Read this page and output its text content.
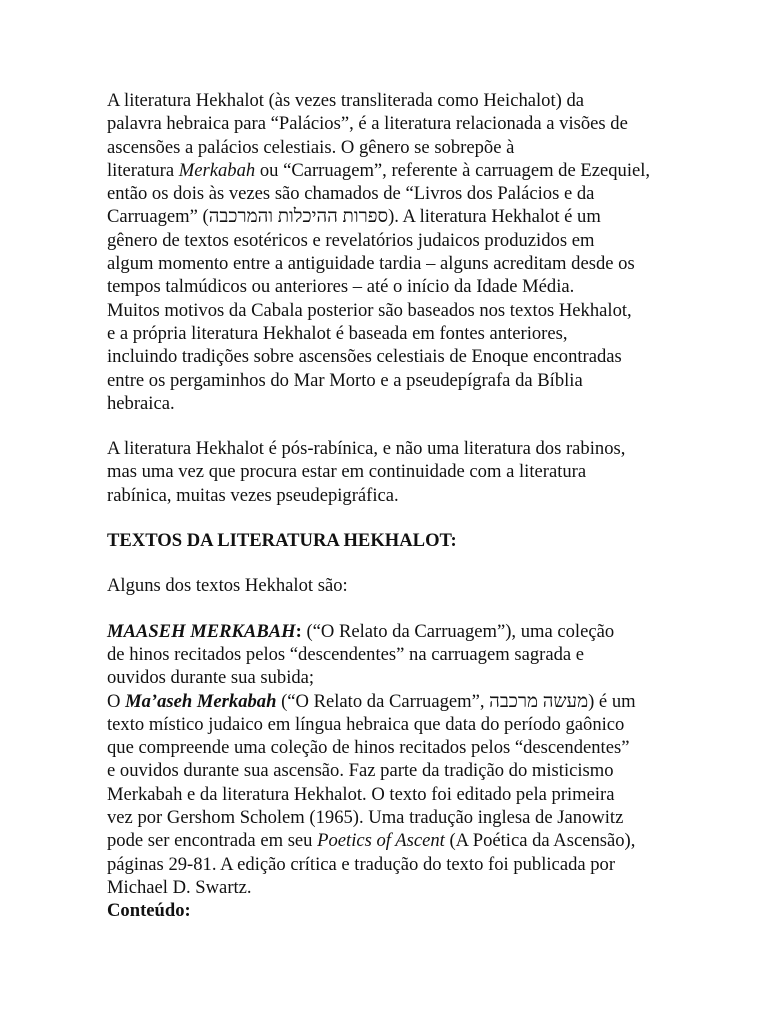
A literatura Hekhalot (às vezes transliterada como Heichalot) da
palavra hebraica para “Palácios”, é a literatura relacionada a visões de
ascensões a palácios celestiais. O gênero se sobrepõe à
literatura Merkabah ou “Carruagem”, referente à carruagem de Ezequiel,
então os dois às vezes são chamados de “Livros dos Palácios e da
Carruagem” (ספרות ההיכלות והמרכבה). A literatura Hekhalot é um
gênero de textos esotéricos e revelatórios judaicos produzidos em
algum momento entre a antiguidade tardia – alguns acreditam desde os
tempos talmúdicos ou anteriores – até o início da Idade Média.
Muitos motivos da Cabala posterior são baseados nos textos Hekhalot,
e a própria literatura Hekhalot é baseada em fontes anteriores,
incluindo tradições sobre ascensões celestiais de Enoque encontradas
entre os pergaminhos do Mar Morto e a pseudepígrafa da Bíblia
hebraica.
A literatura Hekhalot é pós-rabínica, e não uma literatura dos rabinos,
mas uma vez que procura estar em continuidade com a literatura
rabínica, muitas vezes pseudepigráfica.
TEXTOS DA LITERATURA HEKHALOT:
Alguns dos textos Hekhalot são:
MAASEH MERKABAH: (“O Relato da Carruagem”), uma coleção
de hinos recitados pelos “descendentes” na carruagem sagrada e
ouvidos durante sua subida;
O Ma’aseh Merkabah (“O Relato da Carruagem”, מעשה מרכבה) é um
texto místico judaico em língua hebraica que data do período gaônico
que compreende uma coleção de hinos recitados pelos “descendentes”
e ouvidos durante sua ascensão. Faz parte da tradição do misticismo
Merkabah e da literatura Hekhalot. O texto foi editado pela primeira
vez por Gershom Scholem (1965). Uma tradução inglesa de Janowitz
pode ser encontrada em seu Poetics of Ascent (A Poética da Ascensão),
páginas 29-81. A edição crítica e tradução do texto foi publicada por
Michael D. Swartz.
Conteúdo:
